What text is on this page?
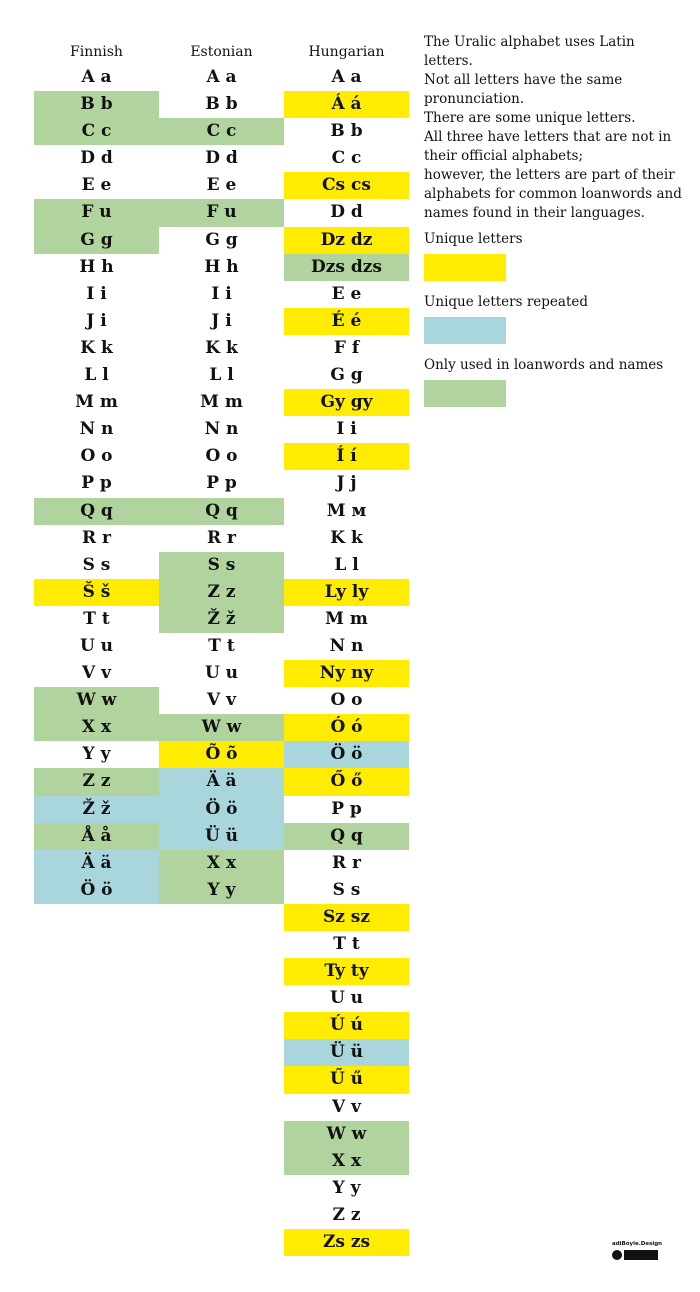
Finnish
A a
B b
C c
D d
E e
F u
G g
H h
I i
J i
K k
L l
M m
N n
O o
P p
Q q
R r
S s
Š š
T t
U u
V v
W w
X x
Y y
Z z
Ž ž
Å å
Ä ä
Ö ö
Estonian
A a
B b
C c
D d
E e
F u
G g
H h
I i
J i
K k
L l
M m
N n
O o
P p
Q q
R r
S s
Z z
Ž ž
T t
U u
V v
W w
Õ õ
Ä ä
Ö ö
Ü ü
X x
Y y
Hungarian
A a
Á á
B b
C c
Cs cs
D d
Dz dz
Dzs dzs
E e
É é
F f
G g
Gy gy
I i
Í í
J j
M м
K k
L l
Ly ly
M m
N n
Ny ny
O o
Ó ó
Ö ö
Ő ő
P p
Q q
R r
S s
Sz sz
T t
Ty ty
U u
Ú ú
Ü ü
Ű ű
V v
W w
X x
Y y
Z z
Zs zs

The Uralic alphabet uses Latin letters.

Not all letters have the same pronunciation.

There are some unique letters.

All three have letters that are not in their official alphabets;

however, the letters are part of their alphabets for common loanwords and names found in their languages.

Unique letters
Unique letters repeated
Only used in loanwords and names
adiBoyle.Design
